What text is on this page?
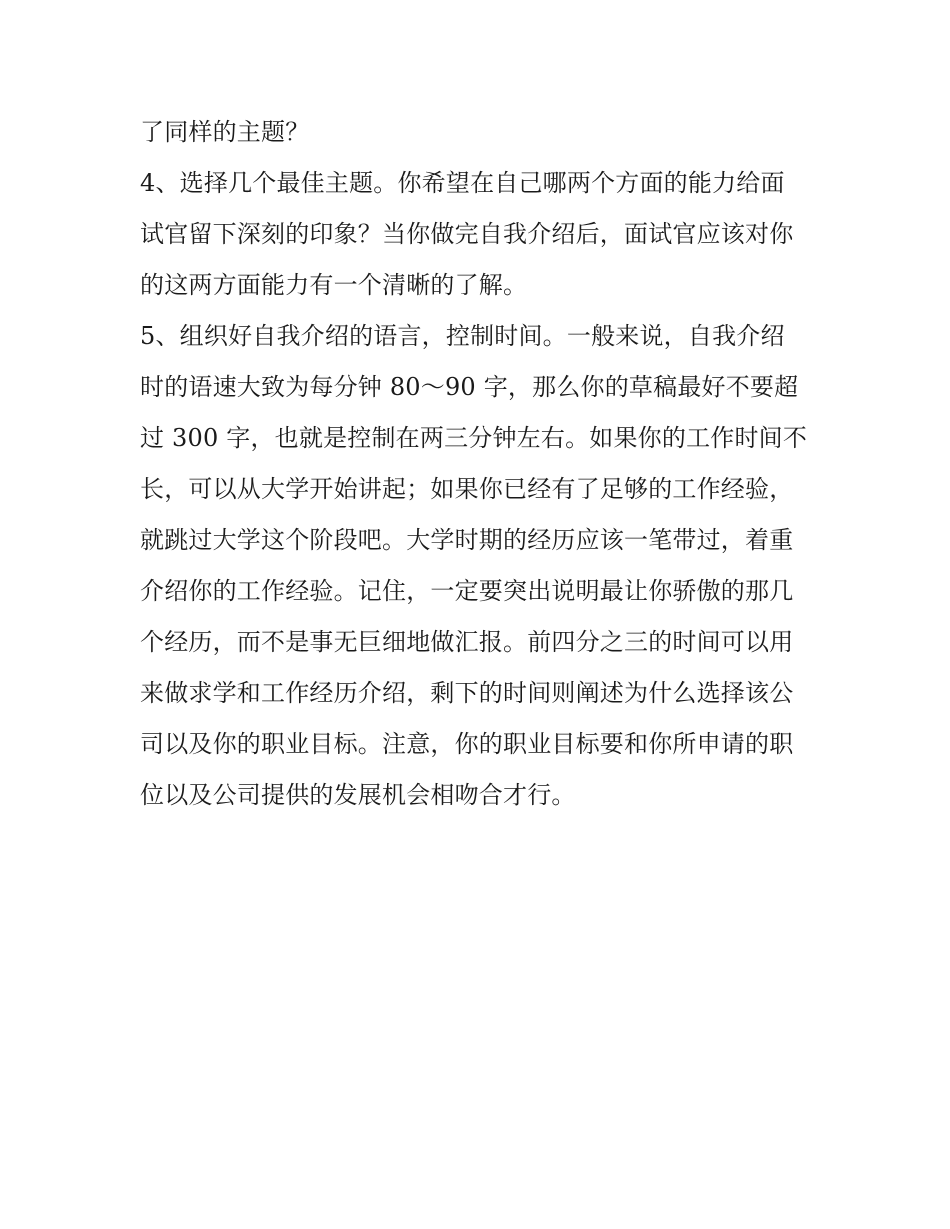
了同样的主题？
4、选择几个最佳主题。你希望在自己哪两个方面的能力给面
试官留下深刻的印象？当你做完自我介绍后，面试官应该对你
的这两方面能力有一个清晰的了解。
5、组织好自我介绍的语言，控制时间。一般来说，自我介绍
时的语速大致为每分钟 80～90 字，那么你的草稿最好不要超
过 300 字，也就是控制在两三分钟左右。如果你的工作时间不
长，可以从大学开始讲起；如果你已经有了足够的工作经验，
就跳过大学这个阶段吧。大学时期的经历应该一笔带过，着重
介绍你的工作经验。记住，一定要突出说明最让你骄傲的那几
个经历，而不是事无巨细地做汇报。前四分之三的时间可以用
来做求学和工作经历介绍，剩下的时间则阐述为什么选择该公
司以及你的职业目标。注意，你的职业目标要和你所申请的职
位以及公司提供的发展机会相吻合才行。
